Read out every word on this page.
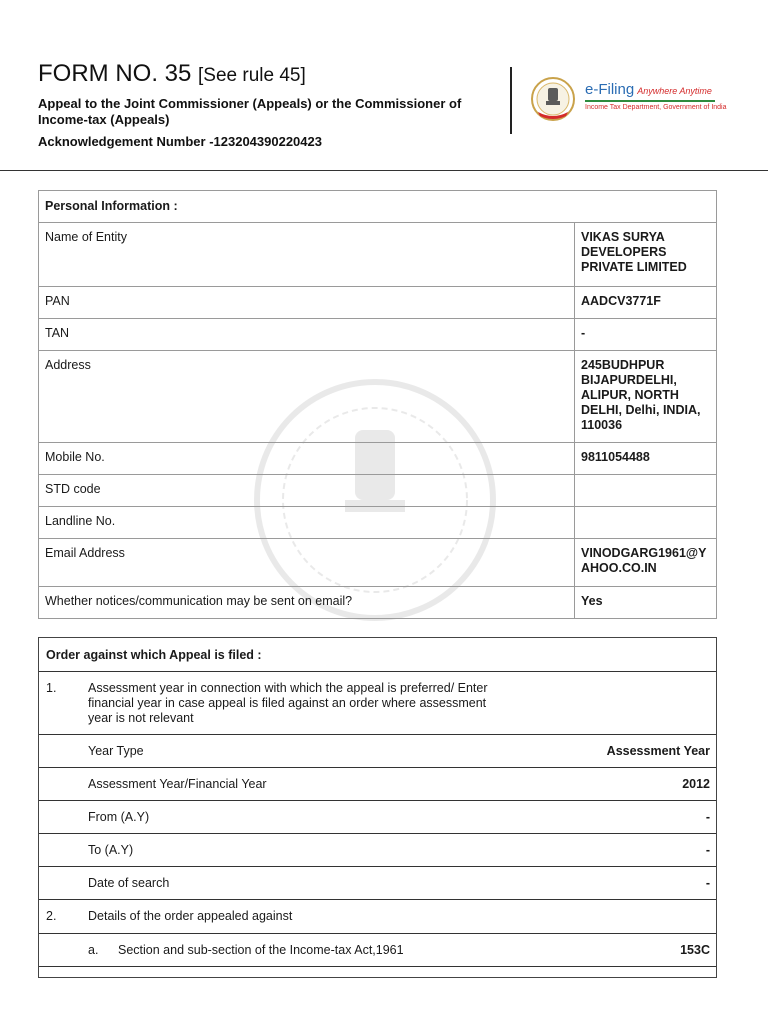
FORM NO. 35 [See rule 45]
Appeal to the Joint Commissioner (Appeals) or the Commissioner of Income-tax (Appeals)
Acknowledgement Number -123204390220423
e-Filing Anywhere Anytime
Income Tax Department, Government of India
Personal Information :	
Name of Entity	VIKAS SURYA DEVELOPERS PRIVATE LIMITED
PAN	AADCV3771F
TAN	-
Address	245BUDHPUR BIJAPURDELHI, ALIPUR, NORTH DELHI, Delhi, INDIA, 110036
Mobile No.	9811054488
STD code	
Landline No.	
Email Address	VINODGARG1961@YAHOO.CO.IN
Whether notices/communication may be sent on email?	Yes
Order against which Appeal is filed :
1.	Assessment year in connection with which the appeal is preferred/ Enter financial year in case appeal is filed against an order where assessment year is not relevant
Year Type	Assessment Year
Assessment Year/Financial Year	2012
From (A.Y)	-
To (A.Y)	-
Date of search	-
2.	Details of the order appealed against
a. Section and sub-section of the Income-tax Act,1961	153C
